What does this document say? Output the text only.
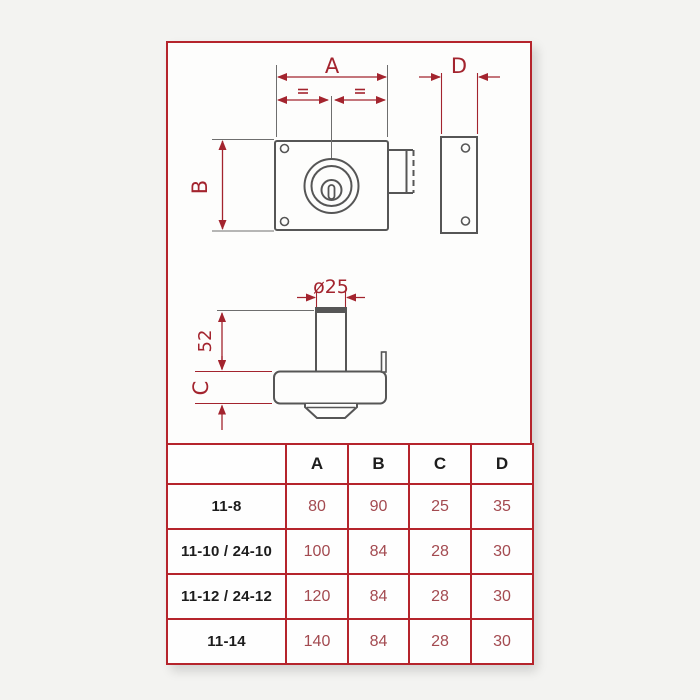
A
B
D
ø25
52
C
	A	B	C	D
11-8	80	90	25	35
11-10 / 24-10	100	84	28	30
11-12 / 24-12	120	84	28	30
11-14	140	84	28	30
